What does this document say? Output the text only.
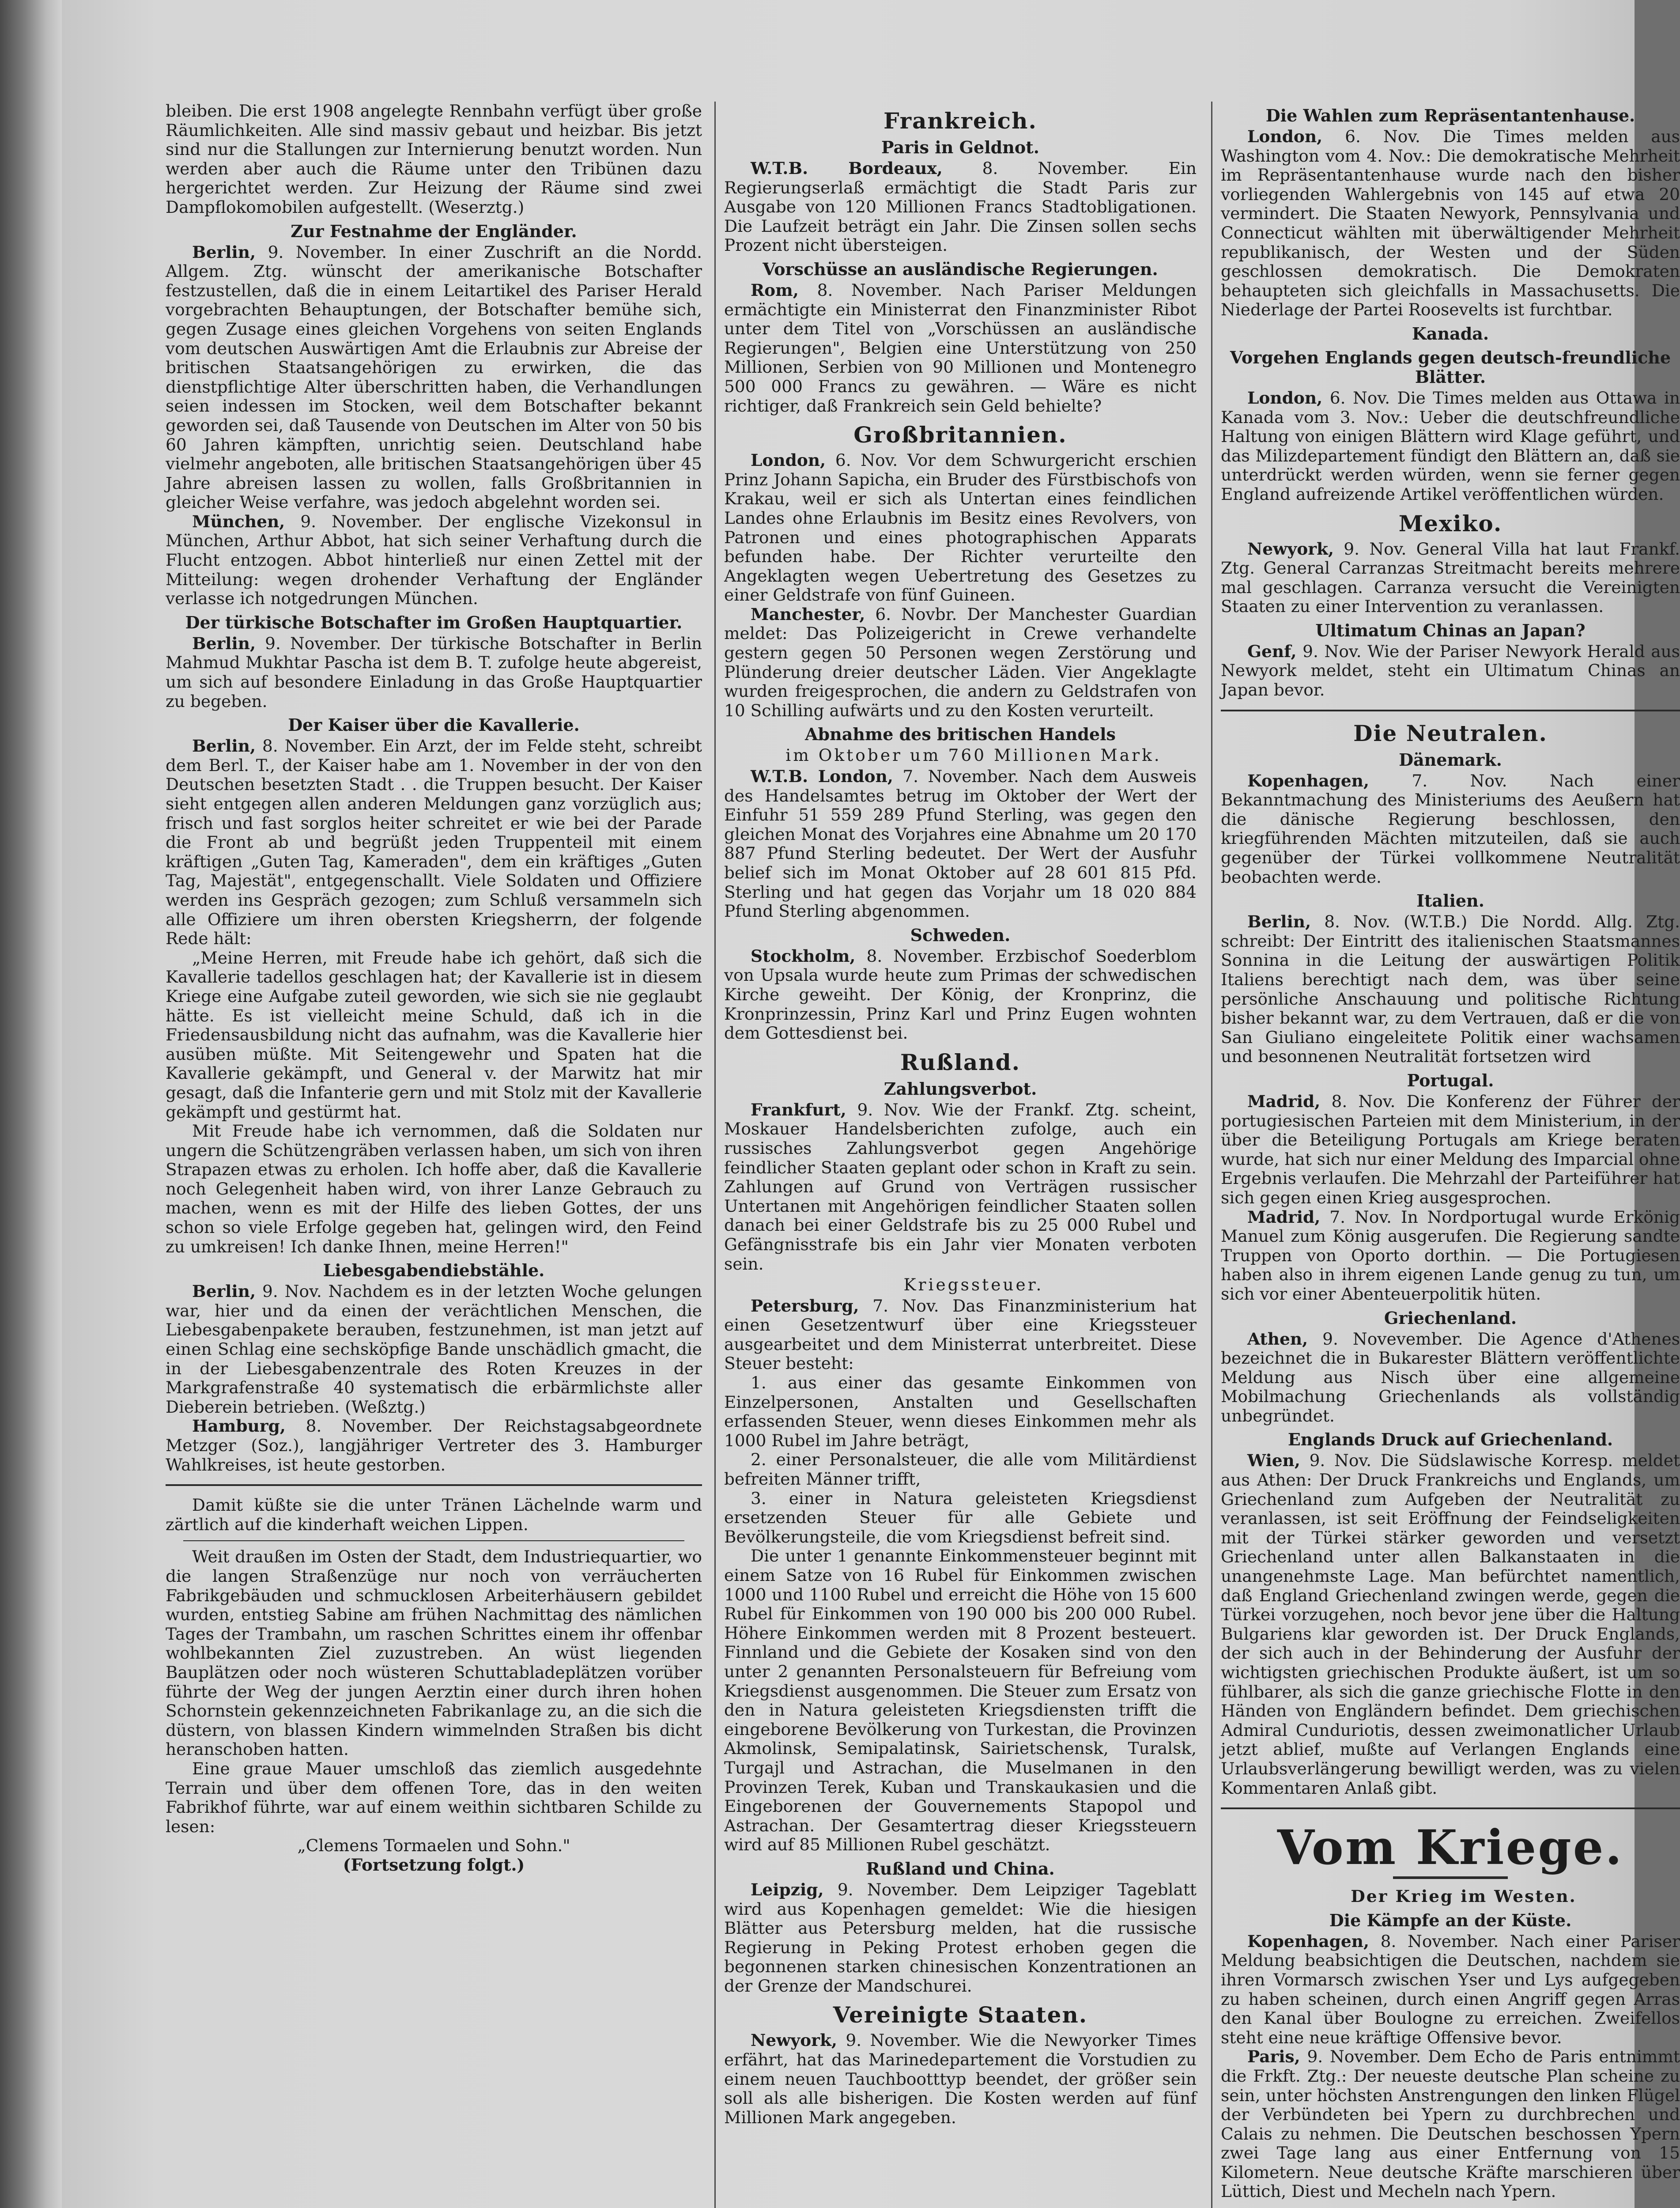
bleiben. Die erst 1908 angelegte Rennbahn verfügt über große Räumlichkeiten. Alle sind massiv gebaut und heizbar. Bis jetzt sind nur die Stallungen zur Internierung benutzt worden. Nun werden aber auch die Räume unter den Tribünen dazu hergerichtet werden. Zur Heizung der Räume sind zwei Dampflokomobilen aufgestellt. (Weserztg.)

Zur Festnahme der Engländer.

Berlin, 9. November. In einer Zuschrift an die Nordd. Allgem. Ztg. wünscht der amerikanische Botschafter festzustellen, daß die in einem Leitartikel des Pariser Herald vorgebrachten Behauptungen, der Botschafter bemühe sich, gegen Zusage eines gleichen Vorgehens von seiten Englands vom deutschen Auswärtigen Amt die Erlaubnis zur Abreise der britischen Staatsangehörigen zu erwirken, die das dienstpflichtige Alter überschritten haben, die Verhandlungen seien indessen im Stocken, weil dem Botschafter bekannt geworden sei, daß Tausende von Deutschen im Alter von 50 bis 60 Jahren kämpften, unrichtig seien. Deutschland habe vielmehr angeboten, alle britischen Staatsangehörigen über 45 Jahre abreisen lassen zu wollen, falls Großbritannien in gleicher Weise verfahre, was jedoch abgelehnt worden sei.

München, 9. November. Der englische Vizekonsul in München, Arthur Abbot, hat sich seiner Verhaftung durch die Flucht entzogen. Abbot hinterließ nur einen Zettel mit der Mitteilung: wegen drohender Verhaftung der Engländer verlasse ich notgedrungen München.

Der türkische Botschafter im Großen Hauptquartier.

Berlin, 9. November. Der türkische Botschafter in Berlin Mahmud Mukhtar Pascha ist dem B. T. zufolge heute abgereist, um sich auf besondere Einladung in das Große Hauptquartier zu begeben.

Der Kaiser über die Kavallerie.

Berlin, 8. November. Ein Arzt, der im Felde steht, schreibt dem Berl. T., der Kaiser habe am 1. November in der von den Deutschen besetzten Stadt . . die Truppen besucht. Der Kaiser sieht entgegen allen anderen Meldungen ganz vorzüglich aus; frisch und fast sorglos heiter schreitet er wie bei der Parade die Front ab und begrüßt jeden Truppenteil mit einem kräftigen „Guten Tag, Kameraden", dem ein kräftiges „Guten Tag, Majestät", entgegenschallt. Viele Soldaten und Offiziere werden ins Gespräch gezogen; zum Schluß versammeln sich alle Offiziere um ihren obersten Kriegsherrn, der folgende Rede hält:

„Meine Herren, mit Freude habe ich gehört, daß sich die Kavallerie tadellos geschlagen hat; der Kavallerie ist in diesem Kriege eine Aufgabe zuteil geworden, wie sich sie nie geglaubt hätte. Es ist vielleicht meine Schuld, daß ich in die Friedensausbildung nicht das aufnahm, was die Kavallerie hier ausüben müßte. Mit Seitengewehr und Spaten hat die Kavallerie gekämpft, und General v. der Marwitz hat mir gesagt, daß die Infanterie gern und mit Stolz mit der Kavallerie gekämpft und gestürmt hat.

Mit Freude habe ich vernommen, daß die Soldaten nur ungern die Schützengräben verlassen haben, um sich von ihren Strapazen etwas zu erholen. Ich hoffe aber, daß die Kavallerie noch Gelegenheit haben wird, von ihrer Lanze Gebrauch zu machen, wenn es mit der Hilfe des lieben Gottes, der uns schon so viele Erfolge gegeben hat, gelingen wird, den Feind zu umkreisen! Ich danke Ihnen, meine Herren!"

Liebesgabendiebstähle.

Berlin, 9. Nov. Nachdem es in der letzten Woche gelungen war, hier und da einen der verächtlichen Menschen, die Liebesgabenpakete berauben, festzunehmen, ist man jetzt auf einen Schlag eine sechsköpfige Bande unschädlich gmacht, die in der Liebesgabenzentrale des Roten Kreuzes in der Markgrafenstraße 40 systematisch die erbärmlichste aller Dieberein betrieben. (Weßztg.)

Hamburg, 8. November. Der Reichstagsabgeordnete Metzger (Soz.), langjähriger Vertreter des 3. Hamburger Wahlkreises, ist heute gestorben.

Damit küßte sie die unter Tränen Lächelnde warm und zärtlich auf die kinderhaft weichen Lippen.

Weit draußen im Osten der Stadt, dem Industriequartier, wo die langen Straßenzüge nur noch von verräucherten Fabrikgebäuden und schmucklosen Arbeiterhäusern gebildet wurden, entstieg Sabine am frühen Nachmittag des nämlichen Tages der Trambahn, um raschen Schrittes einem ihr offenbar wohlbekannten Ziel zuzustreben. An wüst liegenden Bauplätzen oder noch wüsteren Schuttabladeplätzen vorüber führte der Weg der jungen Aerztin einer durch ihren hohen Schornstein gekennzeichneten Fabrikanlage zu, an die sich die düstern, von blassen Kindern wimmelnden Straßen bis dicht heranschoben hatten.

Eine graue Mauer umschloß das ziemlich ausgedehnte Terrain und über dem offenen Tore, das in den weiten Fabrikhof führte, war auf einem weithin sichtbaren Schilde zu lesen:

„Clemens Tormaelen und Sohn."

(Fortsetzung folgt.)

Frankreich.
Paris in Geldnot.

W.T.B. Bordeaux, 8. November. Ein Regierungserlaß ermächtigt die Stadt Paris zur Ausgabe von 120 Millionen Francs Stadtobligationen. Die Laufzeit beträgt ein Jahr. Die Zinsen sollen sechs Prozent nicht übersteigen.

Vorschüsse an ausländische Regierungen.

Rom, 8. November. Nach Pariser Meldungen ermächtigte ein Ministerrat den Finanzminister Ribot unter dem Titel von „Vorschüssen an ausländische Regierungen", Belgien eine Unterstützung von 250 Millionen, Serbien von 90 Millionen und Montenegro 500 000 Francs zu gewähren. — Wäre es nicht richtiger, daß Frankreich sein Geld behielte?

Großbritannien.

London, 6. Nov. Vor dem Schwurgericht erschien Prinz Johann Sapicha, ein Bruder des Fürstbischofs von Krakau, weil er sich als Untertan eines feindlichen Landes ohne Erlaubnis im Besitz eines Revolvers, von Patronen und eines photographischen Apparats befunden habe. Der Richter verurteilte den Angeklagten wegen Uebertretung des Gesetzes zu einer Geldstrafe von fünf Guineen.

Manchester, 6. Novbr. Der Manchester Guardian meldet: Das Polizeigericht in Crewe verhandelte gestern gegen 50 Personen wegen Zerstörung und Plünderung dreier deutscher Läden. Vier Angeklagte wurden freigesprochen, die andern zu Geldstrafen von 10 Schilling aufwärts und zu den Kosten verurteilt.

Abnahme des britischen Handels

im Oktober um 760 Millionen Mark.

W.T.B. London, 7. November. Nach dem Ausweis des Handelsamtes betrug im Oktober der Wert der Einfuhr 51 559 289 Pfund Sterling, was gegen den gleichen Monat des Vorjahres eine Abnahme um 20 170 887 Pfund Sterling bedeutet. Der Wert der Ausfuhr belief sich im Monat Oktober auf 28 601 815 Pfd. Sterling und hat gegen das Vorjahr um 18 020 884 Pfund Sterling abgenommen.

Schweden.

Stockholm, 8. November. Erzbischof Soederblom von Upsala wurde heute zum Primas der schwedischen Kirche geweiht. Der König, der Kronprinz, die Kronprinzessin, Prinz Karl und Prinz Eugen wohnten dem Gottesdienst bei.

Rußland.
Zahlungsverbot.

Frankfurt, 9. Nov. Wie der Frankf. Ztg. scheint, Moskauer Handelsberichten zufolge, auch ein russisches Zahlungsverbot gegen Angehörige feindlicher Staaten geplant oder schon in Kraft zu sein. Zahlungen auf Grund von Verträgen russischer Untertanen mit Angehörigen feindlicher Staaten sollen danach bei einer Geldstrafe bis zu 25 000 Rubel und Gefängnisstrafe bis ein Jahr vier Monaten verboten sein.

Kriegssteuer.

Petersburg, 7. Nov. Das Finanzministerium hat einen Gesetzentwurf über eine Kriegssteuer ausgearbeitet und dem Ministerrat unterbreitet. Diese Steuer besteht:

1. aus einer das gesamte Einkommen von Einzelpersonen, Anstalten und Gesellschaften erfassenden Steuer, wenn dieses Einkommen mehr als 1000 Rubel im Jahre beträgt,

2. einer Personalsteuer, die alle vom Militärdienst befreiten Männer trifft,

3. einer in Natura geleisteten Kriegsdienst ersetzenden Steuer für alle Gebiete und Bevölkerungsteile, die vom Kriegsdienst befreit sind.

Die unter 1 genannte Einkommensteuer beginnt mit einem Satze von 16 Rubel für Einkommen zwischen 1000 und 1100 Rubel und erreicht die Höhe von 15 600 Rubel für Einkommen von 190 000 bis 200 000 Rubel. Höhere Einkommen werden mit 8 Prozent besteuert. Finnland und die Gebiete der Kosaken sind von den unter 2 genannten Personalsteuern für Befreiung vom Kriegsdienst ausgenommen. Die Steuer zum Ersatz von den in Natura geleisteten Kriegsdiensten trifft die eingeborene Bevölkerung von Turkestan, die Provinzen Akmolinsk, Semipalatinsk, Sairietschensk, Turalsk, Turgajl und Astrachan, die Muselmanen in den Provinzen Terek, Kuban und Transkaukasien und die Eingeborenen der Gouvernements Stapopol und Astrachan. Der Gesamtertrag dieser Kriegssteuern wird auf 85 Millionen Rubel geschätzt.

Rußland und China.

Leipzig, 9. November. Dem Leipziger Tageblatt wird aus Kopenhagen gemeldet: Wie die hiesigen Blätter aus Petersburg melden, hat die russische Regierung in Peking Protest erhoben gegen die begonnenen starken chinesischen Konzentrationen an der Grenze der Mandschurei.

Vereinigte Staaten.

Newyork, 9. November. Wie die Newyorker Times erfährt, hat das Marinedepartement die Vorstudien zu einem neuen Tauchbootttyp beendet, der größer sein soll als alle bisherigen. Die Kosten werden auf fünf Millionen Mark angegeben.

Die Wahlen zum Repräsentantenhause.

London, 6. Nov. Die Times melden aus Washington vom 4. Nov.: Die demokratische Mehrheit im Repräsentantenhause wurde nach den bisher vorliegenden Wahlergebnis von 145 auf etwa 20 vermindert. Die Staaten Newyork, Pennsylvania und Connecticut wählten mit überwältigender Mehrheit republikanisch, der Westen und der Süden geschlossen demokratisch. Die Demokraten behaupteten sich gleichfalls in Massachusetts. Die Niederlage der Partei Roosevelts ist furchtbar.

Kanada.
Vorgehen Englands gegen deutsch-freundliche Blätter.

London, 6. Nov. Die Times melden aus Ottawa in Kanada vom 3. Nov.: Ueber die deutschfreundliche Haltung von einigen Blättern wird Klage geführt, und das Milizdepartement fündigt den Blättern an, daß sie unterdrückt werden würden, wenn sie ferner gegen England aufreizende Artikel veröffentlichen würden.

Mexiko.

Newyork, 9. Nov. General Villa hat laut Frankf. Ztg. General Carranzas Streitmacht bereits mehrere mal geschlagen. Carranza versucht die Vereinigten Staaten zu einer Intervention zu veranlassen.

Ultimatum Chinas an Japan?

Genf, 9. Nov. Wie der Pariser Newyork Herald aus Newyork meldet, steht ein Ultimatum Chinas an Japan bevor.

Die Neutralen.
Dänemark.

Kopenhagen, 7. Nov. Nach einer Bekanntmachung des Ministeriums des Aeußern hat die dänische Regierung beschlossen, den kriegführenden Mächten mitzuteilen, daß sie auch gegenüber der Türkei vollkommene Neutralität beobachten werde.

Italien.

Berlin, 8. Nov. (W.T.B.) Die Nordd. Allg. Ztg. schreibt: Der Eintritt des italienischen Staatsmannes Sonnina in die Leitung der auswärtigen Politik Italiens berechtigt nach dem, was über seine persönliche Anschauung und politische Richtung bisher bekannt war, zu dem Vertrauen, daß er die von San Giuliano eingeleitete Politik einer wachsamen und besonnenen Neutralität fortsetzen wird

Portugal.

Madrid, 8. Nov. Die Konferenz der Führer der portugiesischen Parteien mit dem Ministerium, in der über die Beteiligung Portugals am Kriege beraten wurde, hat sich nur einer Meldung des Imparcial ohne Ergebnis verlaufen. Die Mehrzahl der Parteiführer hat sich gegen einen Krieg ausgesprochen.

Madrid, 7. Nov. In Nordportugal wurde Erkönig Manuel zum König ausgerufen. Die Regierung sandte Truppen von Oporto dorthin. — Die Portugiesen haben also in ihrem eigenen Lande genug zu tun, um sich vor einer Abenteuerpolitik hüten.

Griechenland.

Athen, 9. Novevember. Die Agence d'Athenes bezeichnet die in Bukarester Blättern veröffentlichte Meldung aus Nisch über eine allgemeine Mobilmachung Griechenlands als vollständig unbegründet.

Englands Druck auf Griechenland.

Wien, 9. Nov. Die Südslawische Korresp. meldet aus Athen: Der Druck Frankreichs und Englands, um Griechenland zum Aufgeben der Neutralität zu veranlassen, ist seit Eröffnung der Feindseligkeiten mit der Türkei stärker geworden und versetzt Griechenland unter allen Balkanstaaten in die unangenehmste Lage. Man befürchtet namentlich, daß England Griechenland zwingen werde, gegen die Türkei vorzugehen, noch bevor jene über die Haltung Bulgariens klar geworden ist. Der Druck Englands, der sich auch in der Behinderung der Ausfuhr der wichtigsten griechischen Produkte äußert, ist um so fühlbarer, als sich die ganze griechische Flotte in den Händen von Engländern befindet. Dem griechischen Admiral Cunduriotis, dessen zweimonatlicher Urlaub jetzt ablief, mußte auf Verlangen Englands eine Urlaubsverlängerung bewilligt werden, was zu vielen Kommentaren Anlaß gibt.

Vom Kriege.

Der Krieg im Westen.

Die Kämpfe an der Küste.

Kopenhagen, 8. November. Nach einer Pariser Meldung beabsichtigen die Deutschen, nachdem sie ihren Vormarsch zwischen Yser und Lys aufgegeben zu haben scheinen, durch einen Angriff gegen Arras den Kanal über Boulogne zu erreichen. Zweifellos steht eine neue kräftige Offensive bevor.

Paris, 9. November. Dem Echo de Paris entnimmt die Frkft. Ztg.: Der neueste deutsche Plan scheine zu sein, unter höchsten Anstrengungen den linken Flügel der Verbündeten bei Ypern zu durchbrechen und Calais zu nehmen. Die Deutschen beschossen Ypern zwei Tage lang aus einer Entfernung von 15 Kilometern. Neue deutsche Kräfte marschieren über Lüttich, Diest und Mecheln nach Ypern.
